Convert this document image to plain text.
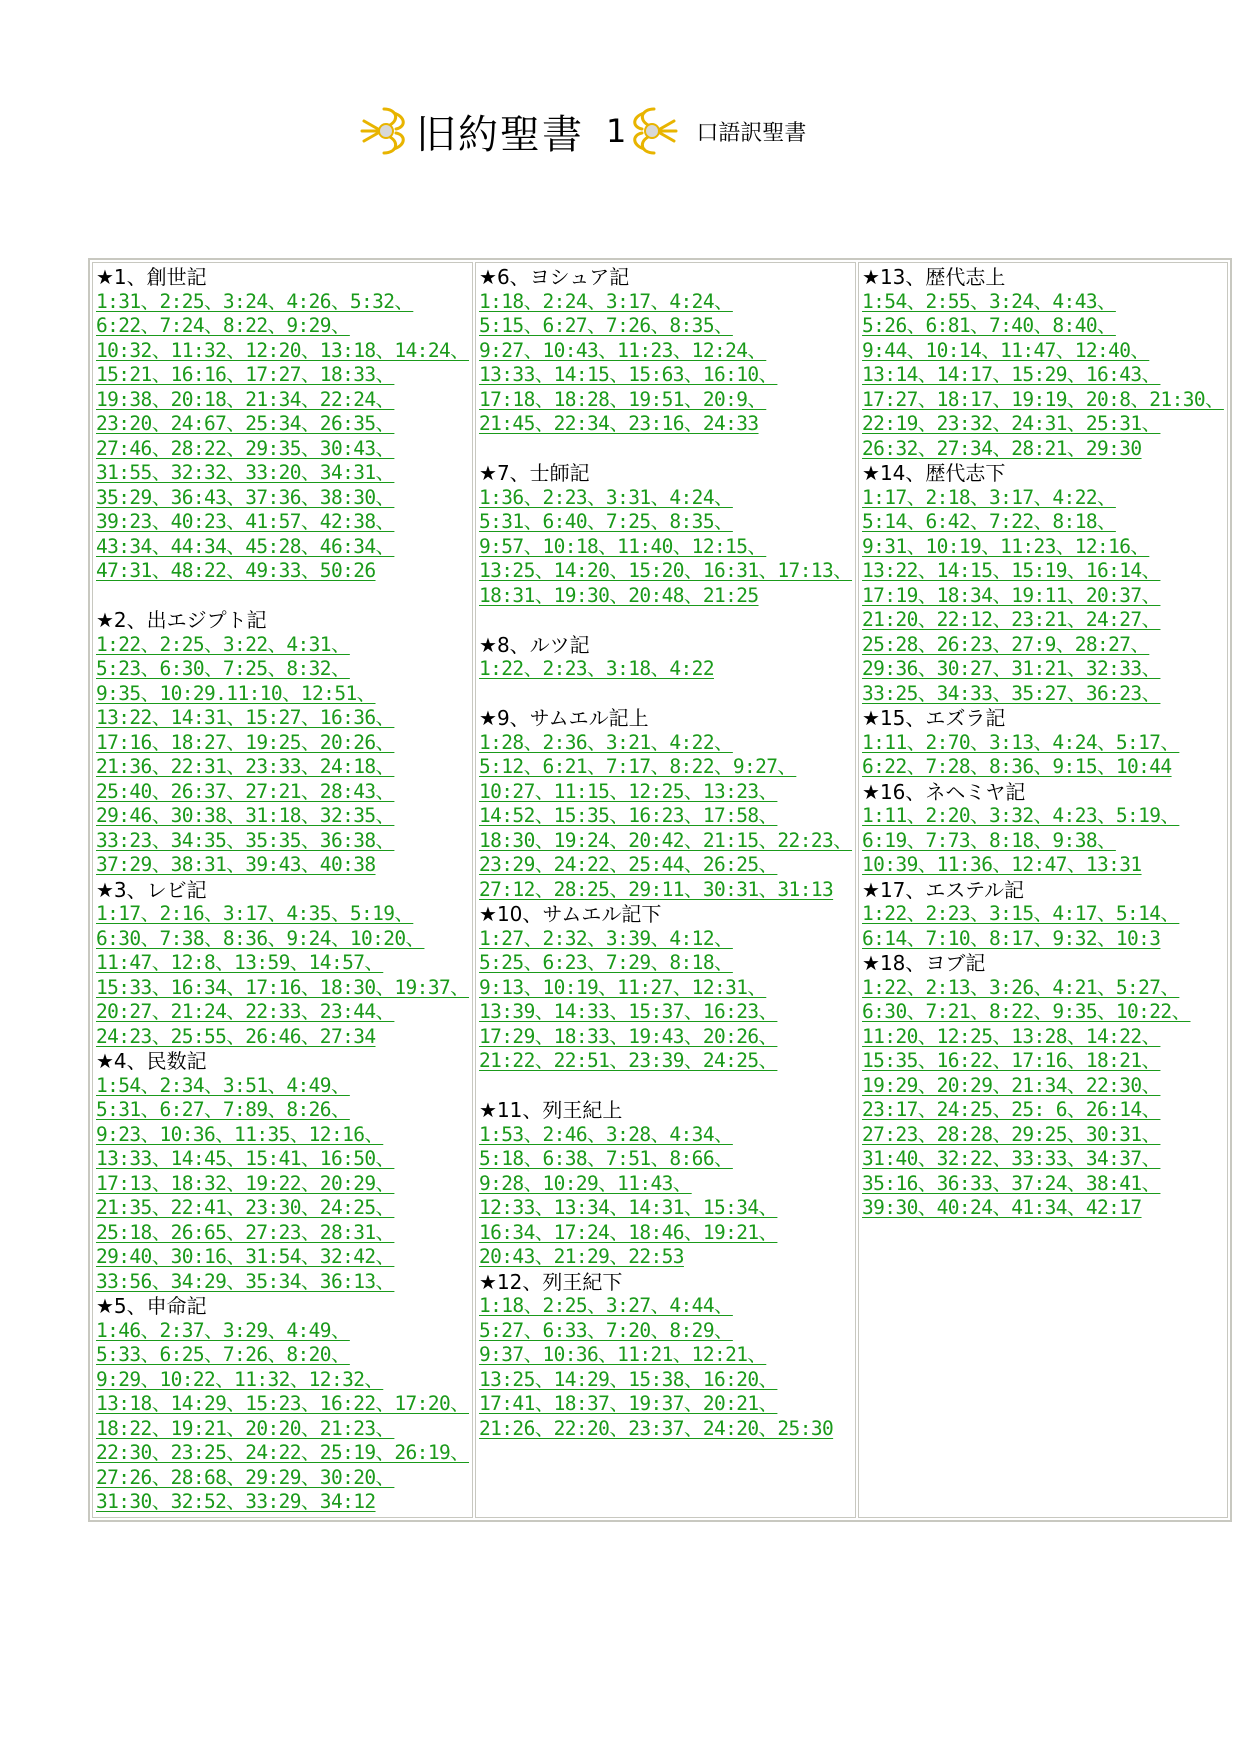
旧約聖書 1	口語訳聖書
★1、創世記
1:31、2:25、3:24、4:26、5:32、
6:22、7:24、8:22、9:29、
10:32、11:32、12:20、13:18、14:24、
15:21、16:16、17:27、18:33、
19:38、20:18、21:34、22:24、
23:20、24:67、25:34、26:35、
27:46、28:22、29:35、30:43、
31:55、32:32、33:20、34:31、
35:29、36:43、37:36、38:30、
39:23、40:23、41:57、42:38、
43:34、44:34、45:28、46:34、
47:31、48:22、49:33、50:26
★2、出エジプト記
1:22、2:25、3:22、4:31、
5:23、6:30、7:25、8:32、
9:35、10:29.11:10、12:51、
13:22、14:31、15:27、16:36、
17:16、18:27、19:25、20:26、
21:36、22:31、23:33、24:18、
25:40、26:37、27:21、28:43、
29:46、30:38、31:18、32:35、
33:23、34:35、35:35、36:38、
37:29、38:31、39:43、40:38
★3、レビ記
1:17、2:16、3:17、4:35、5:19、
6:30、7:38、8:36、9:24、10:20、
11:47、12:8、13:59、14:57、
15:33、16:34、17:16、18:30、19:37、
20:27、21:24、22:33、23:44、
24:23、25:55、26:46、27:34
★4、民数記
1:54、2:34、3:51、4:49、
5:31、6:27、7:89、8:26、
9:23、10:36、11:35、12:16、
13:33、14:45、15:41、16:50、
17:13、18:32、19:22、20:29、
21:35、22:41、23:30、24:25、
25:18、26:65、27:23、28:31、
29:40、30:16、31:54、32:42、
33:56、34:29、35:34、36:13、
★5、申命記
1:46、2:37、3:29、4:49、
5:33、6:25、7:26、8:20、
9:29、10:22、11:32、12:32、
13:18、14:29、15:23、16:22、17:20、
18:22、19:21、20:20、21:23、
22:30、23:25、24:22、25:19、26:19、
27:26、28:68、29:29、30:20、
31:30、32:52、33:29、34:12

★6、ヨシュア記
1:18、2:24、3:17、4:24、
5:15、6:27、7:26、8:35、
9:27、10:43、11:23、12:24、
13:33、14:15、15:63、16:10、
17:18、18:28、19:51、20:9、
21:45、22:34、23:16、24:33
★7、士師記
1:36、2:23、3:31、4:24、
5:31、6:40、7:25、8:35、
9:57、10:18、11:40、12:15、
13:25、14:20、15:20、16:31、17:13、
18:31、19:30、20:48、21:25
★8、ルツ記
1:22、2:23、3:18、4:22
★9、サムエル記上
1:28、2:36、3:21、4:22、
5:12、6:21、7:17、8:22、9:27、
10:27、11:15、12:25、13:23、
14:52、15:35、16:23、17:58、
18:30、19:24、20:42、21:15、22:23、
23:29、24:22、25:44、26:25、
27:12、28:25、29:11、30:31、31:13
★10、サムエル記下
1:27、2:32、3:39、4:12、
5:25、6:23、7:29、8:18、
9:13、10:19、11:27、12:31、
13:39、14:33、15:37、16:23、
17:29、18:33、19:43、20:26、
21:22、22:51、23:39、24:25、
★11、列王紀上
1:53、2:46、3:28、4:34、
5:18、6:38、7:51、8:66、
9:28、10:29、11:43、
12:33、13:34、14:31、15:34、
16:34、17:24、18:46、19:21、
20:43、21:29、22:53
★12、列王紀下
1:18、2:25、3:27、4:44、
5:27、6:33、7:20、8:29、
9:37、10:36、11:21、12:21、
13:25、14:29、15:38、16:20、
17:41、18:37、19:37、20:21、
21:26、22:20、23:37、24:20、25:30

★13、歴代志上
1:54、2:55、3:24、4:43、
5:26、6:81、7:40、8:40、
9:44、10:14、11:47、12:40、
13:14、14:17、15:29、16:43、
17:27、18:17、19:19、20:8、21:30、
22:19、23:32、24:31、25:31、
26:32、27:34、28:21、29:30
★14、歴代志下
1:17、2:18、3:17、4:22、
5:14、6:42、7:22、8:18、
9:31、10:19、11:23、12:16、
13:22、14:15、15:19、16:14、
17:19、18:34、19:11、20:37、
21:20、22:12、23:21、24:27、
25:28、26:23、27:9、28:27、
29:36、30:27、31:21、32:33、
33:25、34:33、35:27、36:23、
★15、エズラ記
1:11、2:70、3:13、4:24、5:17、
6:22、7:28、8:36、9:15、10:44
★16、ネヘミヤ記
1:11、2:20、3:32、4:23、5:19、
6:19、7:73、8:18、9:38、
10:39、11:36、12:47、13:31
★17、エステル記
1:22、2:23、3:15、4:17、5:14、
6:14、7:10、8:17、9:32、10:3
★18、ヨブ記
1:22、2:13、3:26、4:21、5:27、
6:30、7:21、8:22、9:35、10:22、
11:20、12:25、13:28、14:22、
15:35、16:22、17:16、18:21、
19:29、20:29、21:34、22:30、
23:17、24:25、25: 6、26:14、
27:23、28:28、29:25、30:31、
31:40、32:22、33:33、34:37、
35:16、36:33、37:24、38:41、
39:30、40:24、41:34、42:17
